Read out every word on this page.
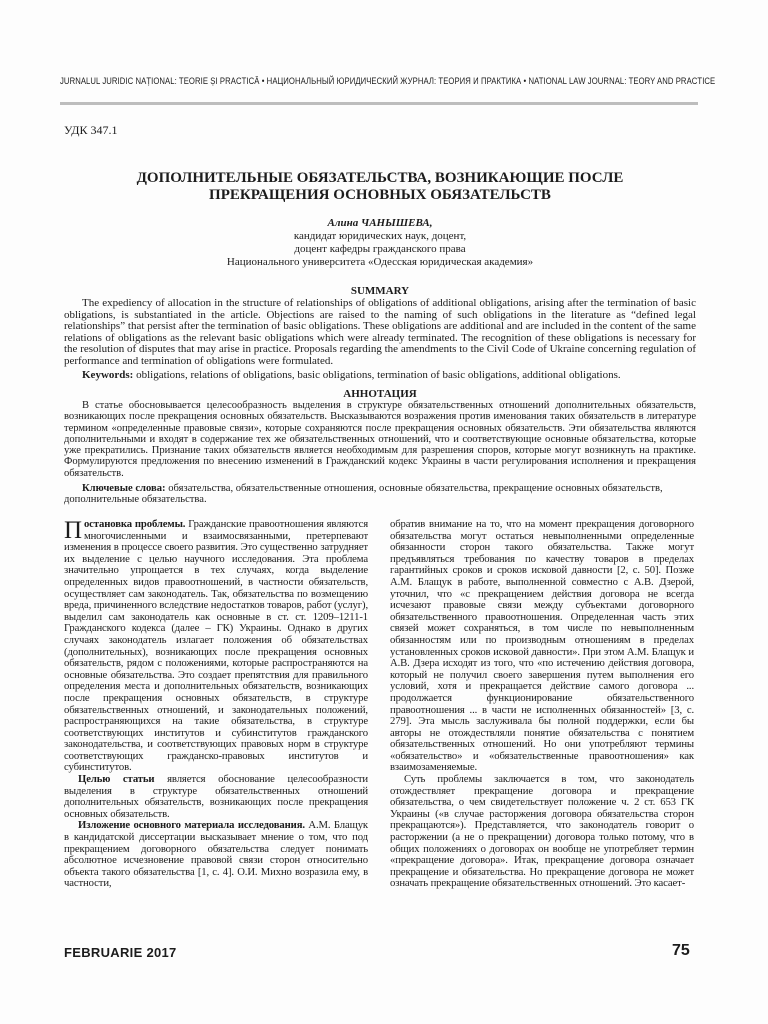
JURNALUL JURIDIC NAȚIONAL: TEORIE ȘI PRACTICĂ • НАЦИОНАЛЬНЫЙ ЮРИДИЧЕСКИЙ ЖУРНАЛ: ТЕОРИЯ И ПРАКТИКА • NATIONAL LAW JOURNAL: TEORY AND PRACTICE
УДК 347.1
ДОПОЛНИТЕЛЬНЫЕ ОБЯЗАТЕЛЬСТВА, ВОЗНИКАЮЩИЕ ПОСЛЕ
ПРЕКРАЩЕНИЯ ОСНОВНЫХ ОБЯЗАТЕЛЬСТВ
Алина ЧАНЫШЕВА,
кандидат юридических наук, доцент,
доцент кафедры гражданского права
Национального университета «Одесская юридическая академия»
SUMMARY
The expediency of allocation in the structure of relationships of obligations of additional obligations, arising after the termination of basic obligations, is substantiated in the article. Objections are raised to the naming of such obligations in the literature as “defined legal relationships” that persist after the termination of basic obligations. These obligations are additional and are included in the content of the same relations of obligations as the relevant basic obligations which were already terminated. The recognition of these obligations is necessary for the resolution of disputes that may arise in practice. Proposals regarding the amendments to the Civil Code of Ukraine concerning regulation of performance and termination of obligations were formulated.
Keywords: obligations, relations of obligations, basic obligations, termination of basic obligations, additional obligations.
АННОТАЦИЯ
В статье обосновывается целесообразность выделения в структуре обязательственных отношений дополнительных обязательств, возникающих после прекращения основных обязательств. Высказываются возражения против именования таких обязательств в литературе термином «определенные правовые связи», которые сохраняются после прекращения основных обязательств. Эти обязательства являются дополнительными и входят в содержание тех же обязательственных отношений, что и соответствующие основные обязательства, которые уже прекратились. Признание таких обязательств является необходимым для разрешения споров, которые могут возникнуть на практике. Формулируются предложения по внесению изменений в Гражданский кодекс Украины в части регулирования исполнения и прекращения обязательств.
Ключевые слова: обязательства, обязательственные отношения, основные обязательства, прекращение основных обязательств, дополнительные обязательства.

Постановка проблемы. Гражданские правоотношения являются многочисленными и взаимосвязанными, претерпевают изменения в процессе своего развития. Это существенно затрудняет их выделение с целью научного исследования. Эта проблема значительно упрощается в тех случаях, когда выделение определенных видов правоотношений, в частности обязательств, осуществляет сам законодатель. Так, обязательства по возмещению вреда, причиненного вследствие недостатков товаров, работ (услуг), выделил сам законодатель как основные в ст. ст. 1209–1211-1 Гражданского кодекса (далее – ГК) Украины. Однако в других случаях законодатель излагает положения об обязательствах (дополнительных), возникающих после прекращения основных обязательств, рядом с положениями, которые распространяются на основные обязательства. Это создает препятствия для правильного определения места и дополнительных обязательств, возникающих после прекращения основных обязательств, в структуре обязательственных отношений, и законодательных положений, распространяющихся на такие обязательства, в структуре соответствующих институтов и субинститутов гражданского законодательства, и соответствующих правовых норм в структуре соответствующих гражданско-правовых институтов и субинститутов.

Целью статьи является обоснование целесообразности выделения в структуре обязательственных отношений дополнительных обязательств, возникающих после прекращения основных обязательств.

Изложение основного материала исследования. А.М. Блащук в кандидатской диссертации высказывает мнение о том, что под прекращением договорного обязательства следует понимать абсолютное исчезновение правовой связи сторон относительно объекта такого обязательства [1, с. 4]. О.И. Михно возразила ему, в частности,

обратив внимание на то, что на момент прекращения договорного обязательства могут остаться невыполненными определенные обязанности сторон такого обязательства. Также могут предъявляться требования по качеству товаров в пределах гарантийных сроков и сроков исковой давности [2, с. 50]. Позже А.М. Блащук в работе, выполненной совместно с А.В. Дзерой, уточнил, что «с прекращением действия договора не всегда исчезают правовые связи между субъектами договорного обязательственного правоотношения. Определенная часть этих связей может сохраняться, в том числе по невыполненным обязанностям или по производным отношениям в пределах установленных сроков исковой давности». При этом А.М. Блащук и А.В. Дзера исходят из того, что «по истечению действия договора, который не получил своего завершения путем выполнения его условий, хотя и прекращается действие самого договора ... продолжается функционирование обязательственного правоотношения ... в части не исполненных обязанностей» [3, с. 279]. Эта мысль заслуживала бы полной поддержки, если бы авторы не отождествляли понятие обязательства с понятием обязательственных отношений. Но они употребляют термины «обязательство» и «обязательственные правоотношения» как взаимозаменяемые.

Суть проблемы заключается в том, что законодатель отождествляет прекращение договора и прекращение обязательства, о чем свидетельствует положение ч. 2 ст. 653 ГК Украины («в случае расторжения договора обязательства сторон прекращаются»). Представляется, что законодатель говорит о расторжении (а не о прекращении) договора только потому, что в общих положениях о договорах он вообще не употребляет термин «прекращение договора». Итак, прекращение договора означает прекращение и обязательства. Но прекращение договора не может означать прекращение обязательственных отношений. Это касает-

FEBRUARIE 2017	75
